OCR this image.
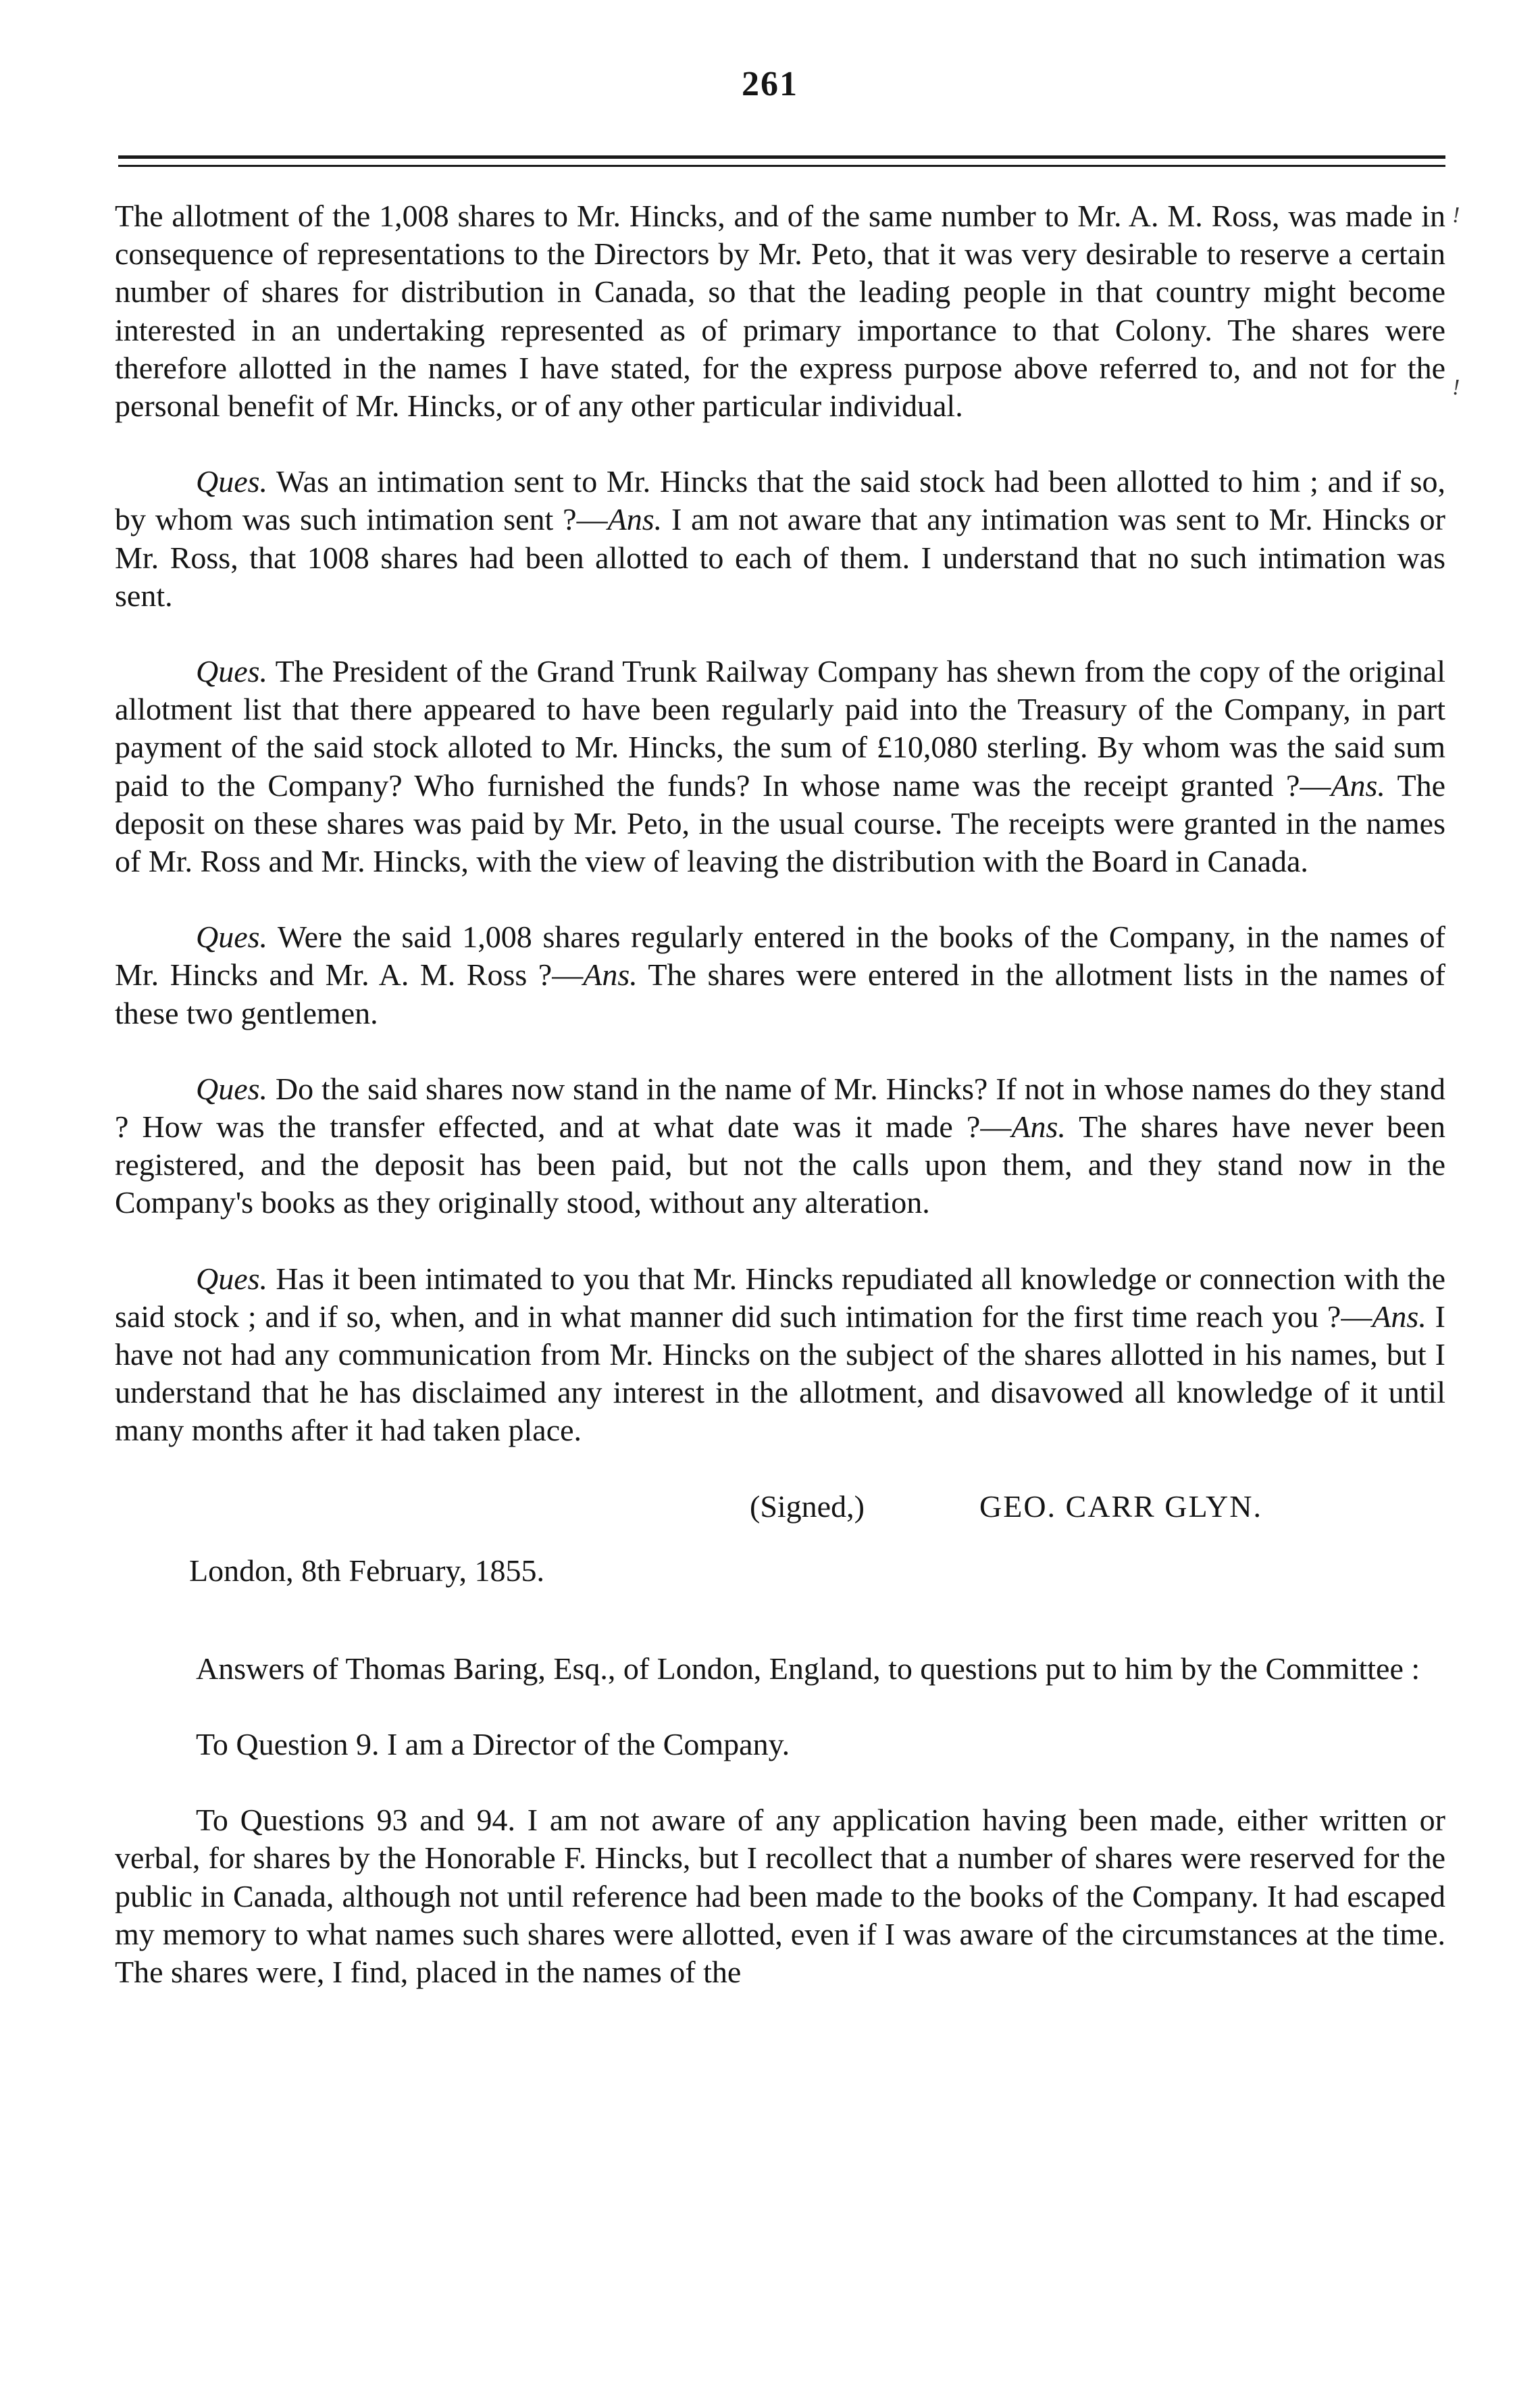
261
!
!

The allotment of the 1,008 shares to Mr. Hincks, and of the same number to Mr. A. M. Ross, was made in consequence of representations to the Directors by Mr. Peto, that it was very desirable to reserve a certain number of shares for distribution in Canada, so that the leading people in that country might become interested in an undertaking represented as of primary importance to that Colony. The shares were therefore allotted in the names I have stated, for the express purpose above referred to, and not for the personal benefit of Mr. Hincks, or of any other particular individual.

Ques. Was an intimation sent to Mr. Hincks that the said stock had been allotted to him ; and if so, by whom was such intimation sent ?—Ans. I am not aware that any intimation was sent to Mr. Hincks or Mr. Ross, that 1008 shares had been allotted to each of them. I understand that no such intimation was sent.

Ques. The President of the Grand Trunk Railway Company has shewn from the copy of the original allotment list that there appeared to have been regularly paid into the Treasury of the Company, in part payment of the said stock alloted to Mr. Hincks, the sum of £10,080 sterling. By whom was the said sum paid to the Company? Who furnished the funds? In whose name was the receipt granted ?—Ans. The deposit on these shares was paid by Mr. Peto, in the usual course. The receipts were granted in the names of Mr. Ross and Mr. Hincks, with the view of leaving the distribution with the Board in Canada.

Ques. Were the said 1,008 shares regularly entered in the books of the Company, in the names of Mr. Hincks and Mr. A. M. Ross ?—Ans. The shares were entered in the allotment lists in the names of these two gentlemen.

Ques. Do the said shares now stand in the name of Mr. Hincks? If not in whose names do they stand ? How was the transfer effected, and at what date was it made ?—Ans. The shares have never been registered, and the deposit has been paid, but not the calls upon them, and they stand now in the Company's books as they originally stood, without any alteration.

Ques. Has it been intimated to you that Mr. Hincks repudiated all knowledge or connection with the said stock ; and if so, when, and in what manner did such intimation for the first time reach you ?—Ans. I have not had any communication from Mr. Hincks on the subject of the shares allotted in his names, but I understand that he has disclaimed any interest in the allotment, and disavowed all knowledge of it until many months after it had taken place.

(Signed,)	GEO. CARR GLYN.
London, 8th February, 1855.

Answers of Thomas Baring, Esq., of London, England, to questions put to him by the Committee :

To Question 9. I am a Director of the Company.

To Questions 93 and 94. I am not aware of any application having been made, either written or verbal, for shares by the Honorable F. Hincks, but I recollect that a number of shares were reserved for the public in Canada, although not until reference had been made to the books of the Company. It had escaped my memory to what names such shares were allotted, even if I was aware of the circumstances at the time. The shares were, I find, placed in the names of the
